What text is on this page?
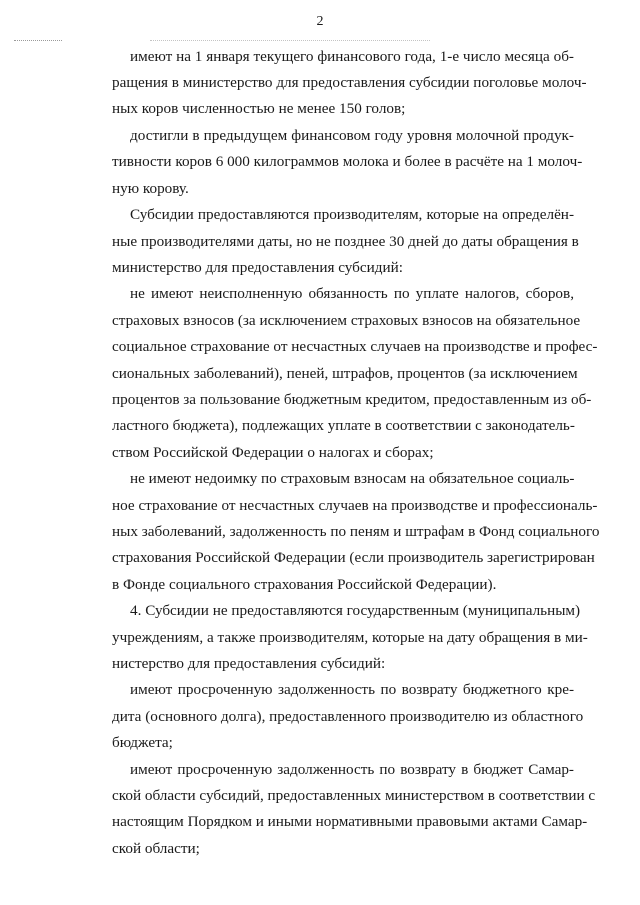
2
имеют на 1 января текущего финансового года, 1-е число месяца об-
ращения в министерство для предоставления субсидии поголовье молоч-
ных коров численностью не менее 150 голов;
достигли в предыдущем финансовом году уровня молочной продук-
тивности коров 6 000 килограммов молока и более в расчёте на 1 молоч-
ную корову.
Субсидии предоставляются производителям, которые на определён-
ные производителями даты, но не позднее 30 дней до даты обращения в
министерство для предоставления субсидий:
не имеют неисполненную обязанность по уплате налогов, сборов,
страховых взносов (за исключением страховых взносов на обязательное
социальное страхование от несчастных случаев на производстве и профес-
сиональных заболеваний), пеней, штрафов, процентов (за исключением
процентов за пользование бюджетным кредитом, предоставленным из об-
ластного бюджета), подлежащих уплате в соответствии с законодатель-
ством Российской Федерации о налогах и сборах;
не имеют недоимку по страховым взносам на обязательное социаль-
ное страхование от несчастных случаев на производстве и профессиональ-
ных заболеваний, задолженность по пеням и штрафам в Фонд социального
страхования Российской Федерации (если производитель зарегистрирован
в Фонде социального страхования Российской Федерации).
4. Субсидии не предоставляются государственным (муниципальным)
учреждениям, а также производителям, которые на дату обращения в ми-
нистерство для предоставления субсидий:
имеют просроченную задолженность по возврату бюджетного кре-
дита (основного долга), предоставленного производителю из областного
бюджета;
имеют просроченную задолженность по возврату в бюджет Самар-
ской области субсидий, предоставленных министерством в соответствии с
настоящим Порядком и иными нормативными правовыми актами Самар-
ской области;
